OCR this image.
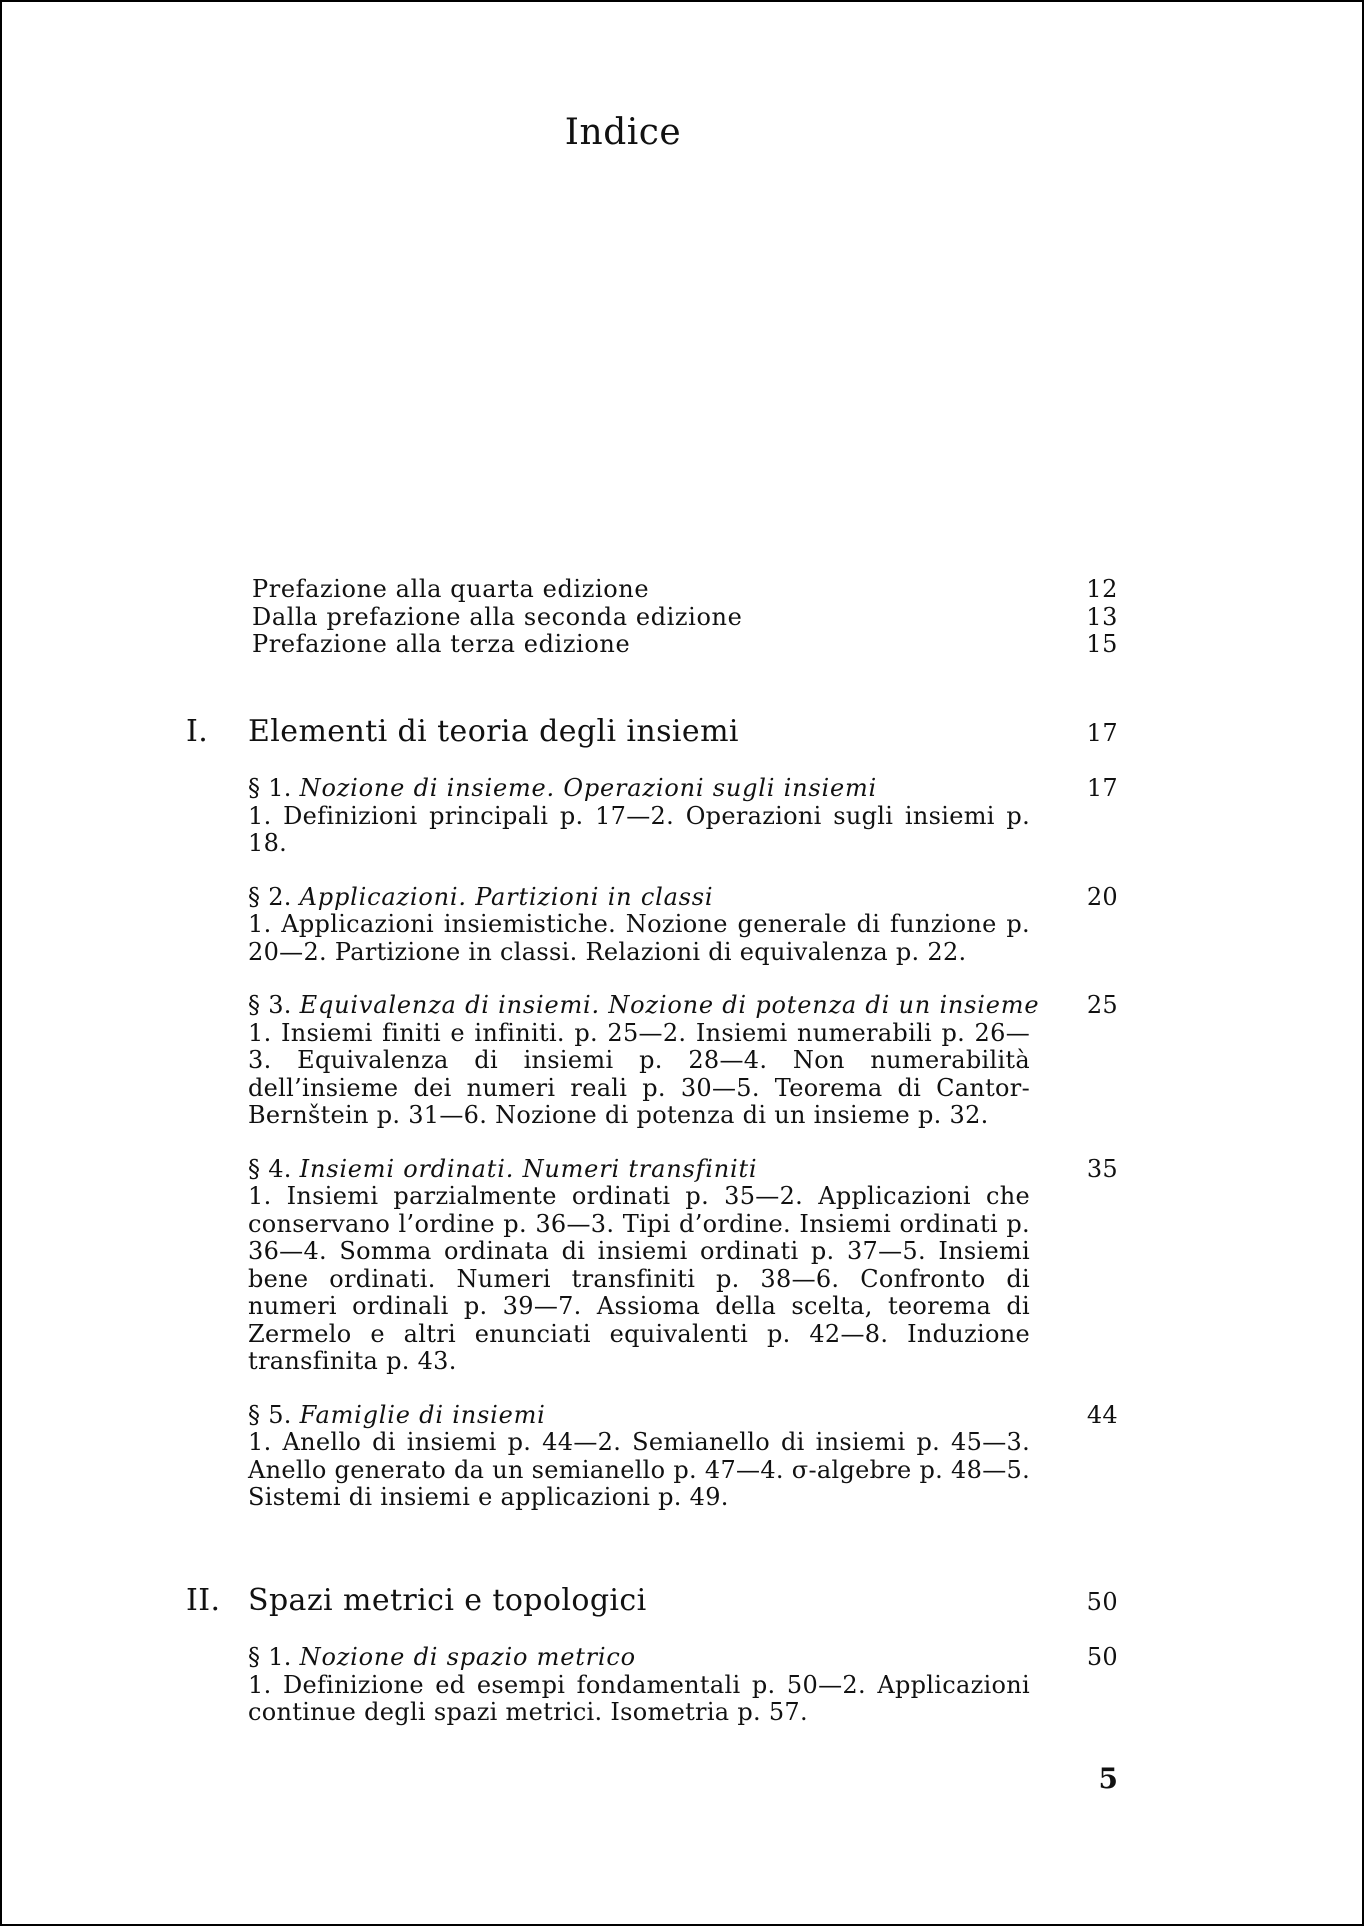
Indice
Prefazione alla quarta edizione	12
Dalla prefazione alla seconda edizione	13
Prefazione alla terza edizione	15
I.	Elementi di teoria degli insiemi	17
§ 1. Nozione di insieme. Operazioni sugli insiemi	17
1. Definizioni principali p. 17—2. Operazioni sugli insiemi p. 18.
§ 2. Applicazioni. Partizioni in classi	20
1. Applicazioni insiemistiche. Nozione generale di funzione p. 20—2. Partizione in classi. Relazioni di equivalenza p. 22.
§ 3. Equivalenza di insiemi. Nozione di potenza di un insieme	25
1. Insiemi finiti e infiniti. p. 25—2. Insiemi numerabili p. 26—3. Equivalenza di insiemi p. 28—4. Non numerabilità dell’insieme dei numeri reali p. 30—5. Teorema di Cantor-Bernštein p. 31—6. Nozione di potenza di un insieme p. 32.
§ 4. Insiemi ordinati. Numeri transfiniti	35
1. Insiemi parzialmente ordinati p. 35—2. Applicazioni che conservano l’ordine p. 36—3. Tipi d’ordine. Insiemi ordinati p. 36—4. Somma ordinata di insiemi ordinati p. 37—5. Insiemi bene ordinati. Numeri transfiniti p. 38—6. Confronto di numeri ordinali p. 39—7. Assioma della scelta, teorema di Zermelo e altri enunciati equivalenti p. 42—8. Induzione transfinita p. 43.
§ 5. Famiglie di insiemi	44
1. Anello di insiemi p. 44—2. Semianello di insiemi p. 45—3. Anello generato da un semianello p. 47—4. σ-algebre p. 48—5. Sistemi di insiemi e applicazioni p. 49.
II. Spazi metrici e topologici	50
§ 1. Nozione di spazio metrico	50
1. Definizione ed esempi fondamentali p. 50—2. Applicazioni continue degli spazi metrici. Isometria p. 57.
5
